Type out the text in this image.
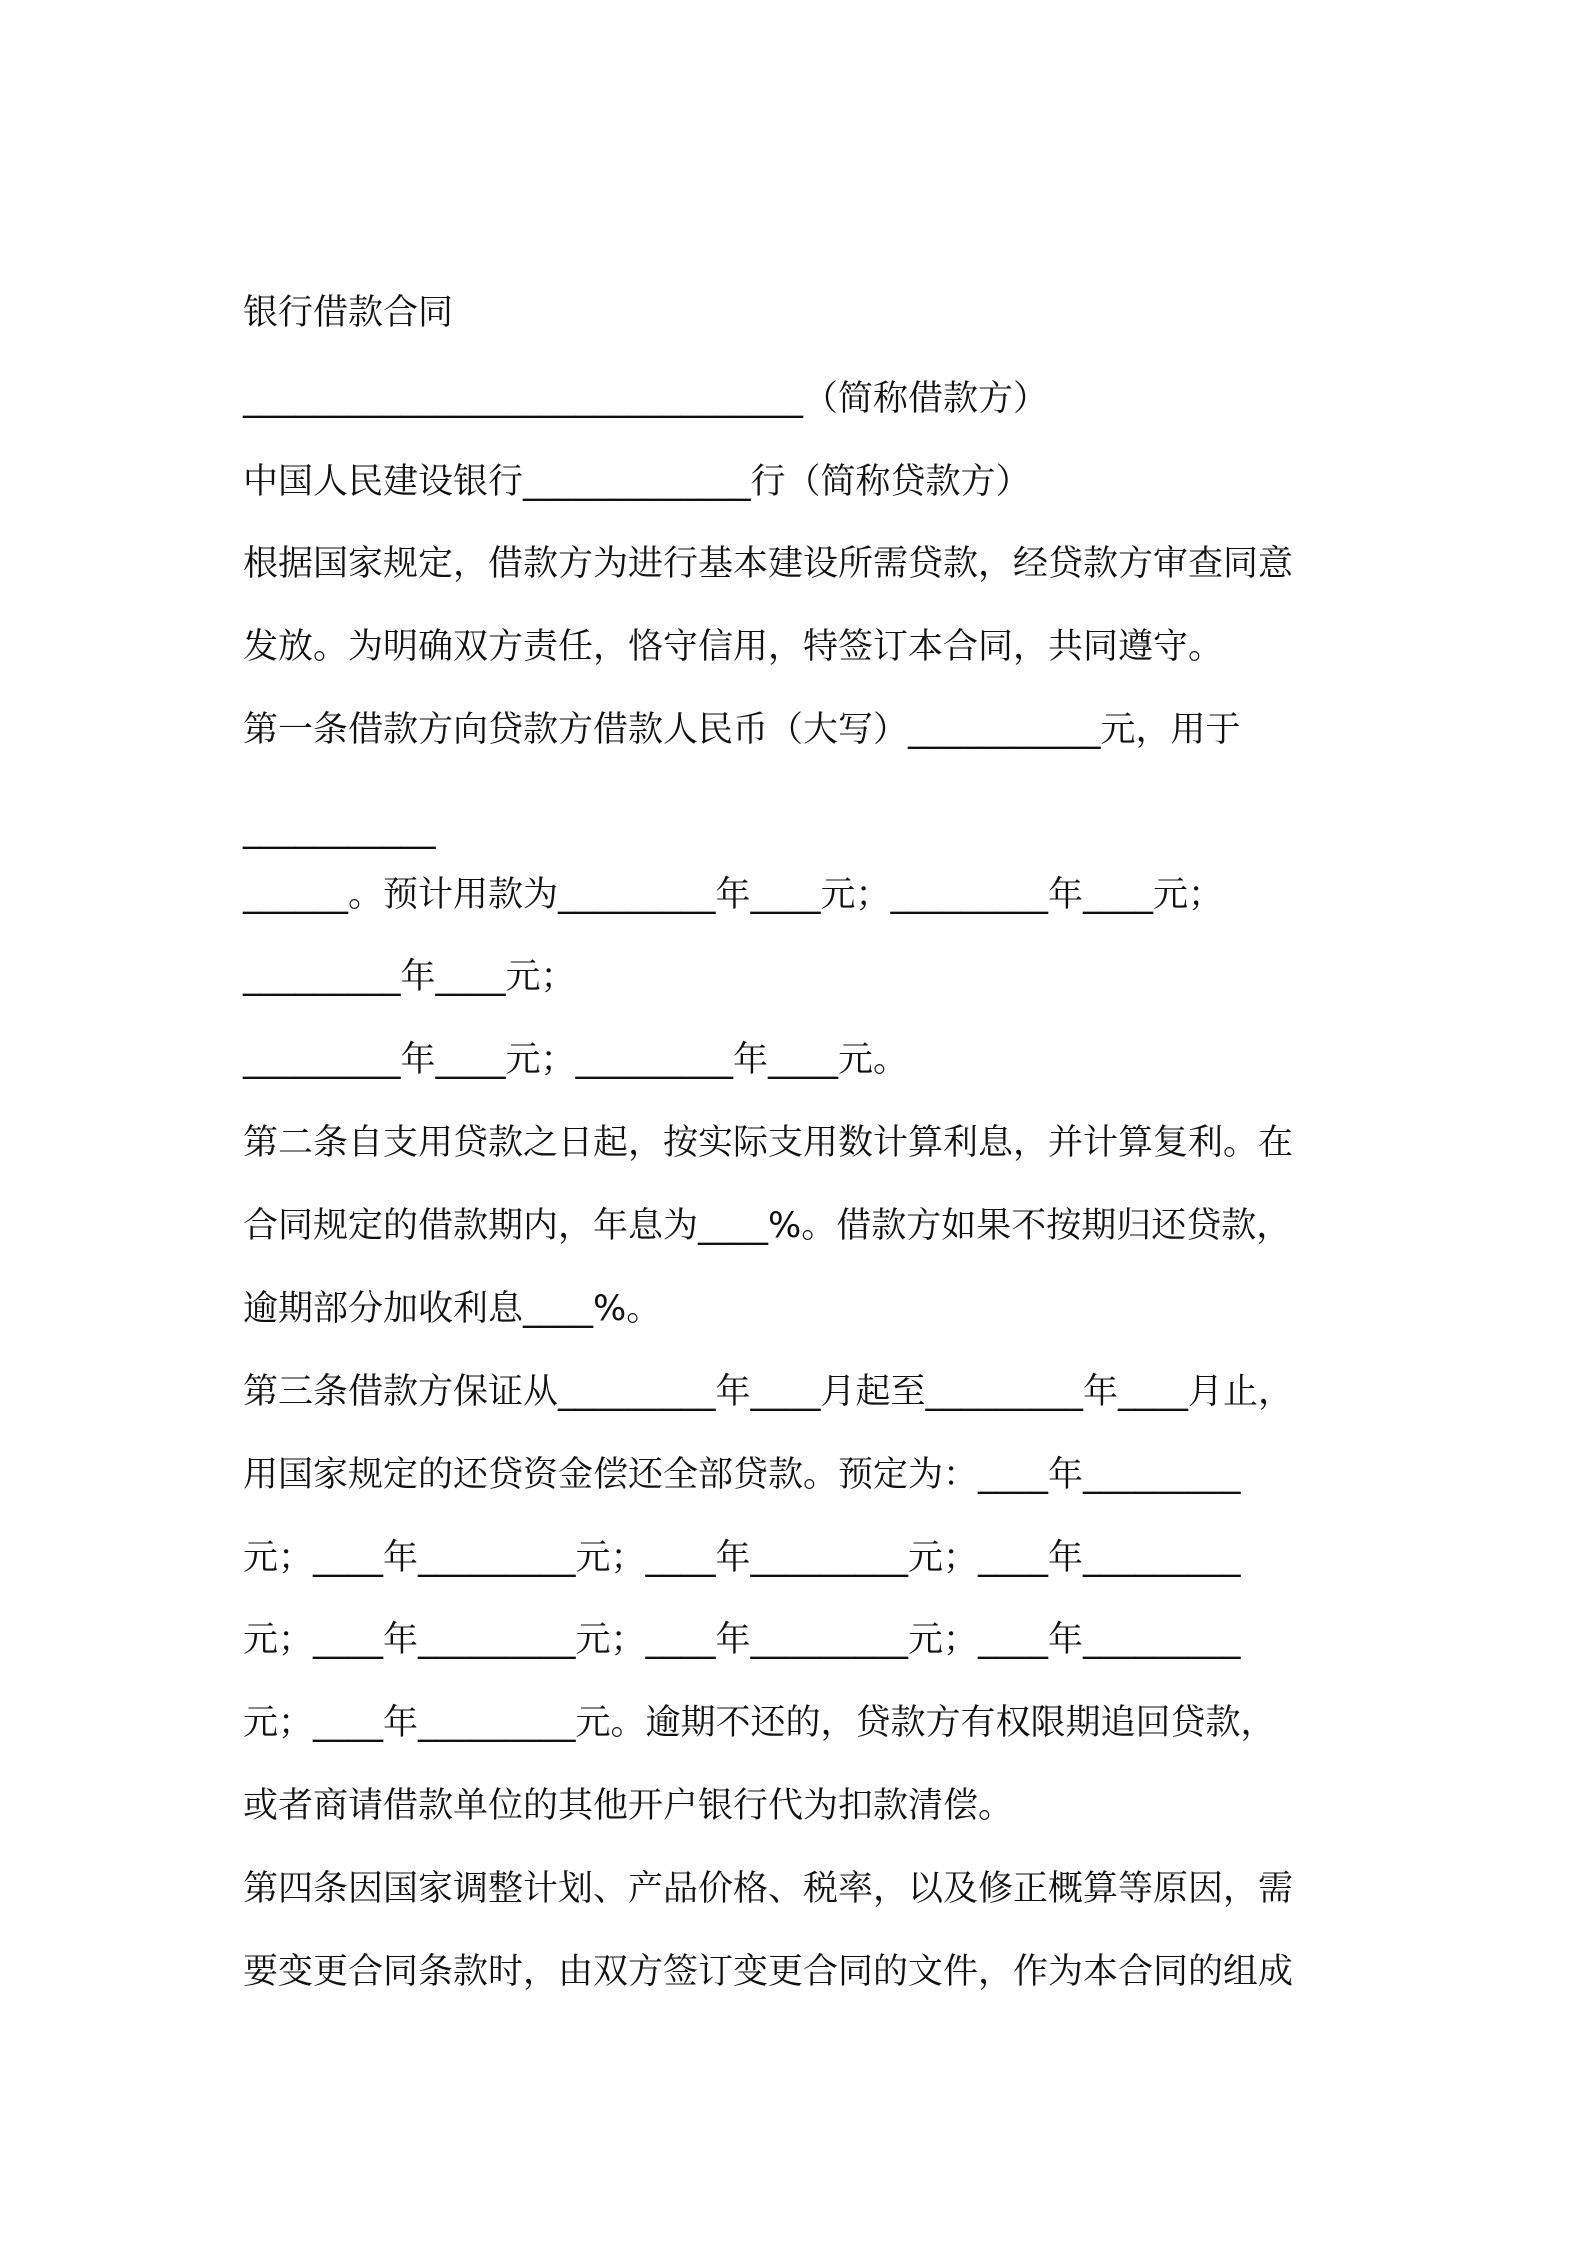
银行借款合同

________________________________（简称借款方）

中国人民建设银行_____________行（简称贷款方）

根据国家规定，借款方为进行基本建设所需贷款，经贷款方审查同意

发放。为明确双方责任，恪守信用，特签订本合同，共同遵守。

第一条借款方向贷款方借款人民币（大写）___________元，用于

___________

______。预计用款为_________年____元；_________年____元；

_________年____元；

_________年____元；_________年____元。

第二条自支用贷款之日起，按实际支用数计算利息，并计算复利。在

合同规定的借款期内，年息为____%。借款方如果不按期归还贷款，

逾期部分加收利息____%。

第三条借款方保证从_________年____月起至_________年____月止，

用国家规定的还贷资金偿还全部贷款。预定为：____年_________

元；____年_________元；____年_________元；____年_________

元；____年_________元；____年_________元；____年_________

元；____年_________元。逾期不还的，贷款方有权限期追回贷款，

或者商请借款单位的其他开户银行代为扣款清偿。

第四条因国家调整计划、产品价格、税率，以及修正概算等原因，需

要变更合同条款时，由双方签订变更合同的文件，作为本合同的组成
